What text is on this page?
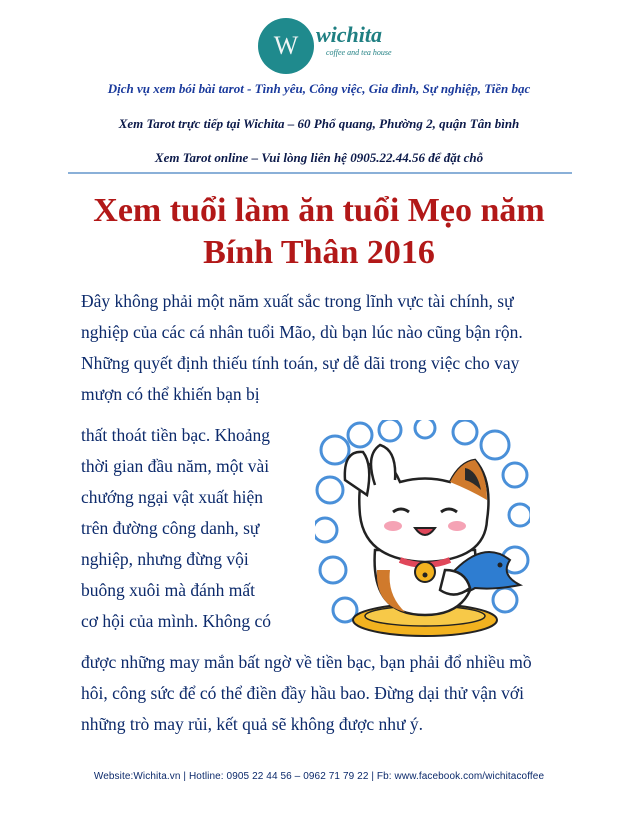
W wichita
coffee and tea house
Dịch vụ xem bói bài tarot - Tình yêu, Công việc, Gia đình, Sự nghiệp, Tiền bạc
Xem Tarot trực tiếp tại Wichita – 60 Phổ quang, Phường 2, quận Tân bình
Xem Tarot online – Vui lòng liên hệ 0905.22.44.56 để đặt chỗ
Xem tuổi làm ăn tuổi Mẹo năm
Bính Thân 2016
Đây không phải một năm xuất sắc trong lĩnh vực tài chính, sự
nghiệp của các cá nhân tuổi Mão, dù bạn lúc nào cũng bận rộn.
Những quyết định thiếu tính toán, sự dễ dãi trong việc cho vay
mượn có thể khiến bạn bị
thất thoát tiền bạc. Khoảng
thời gian đầu năm, một vài
chướng ngại vật xuất hiện
trên đường công danh, sự
nghiệp, nhưng đừng vội
buông xuôi mà đánh mất
cơ hội của mình. Không có
được những may mắn bất ngờ về tiền bạc, bạn phải đổ nhiều mồ
hôi, công sức để có thể điền đầy hầu bao. Đừng dại thử vận với
những trò may rủi, kết quả sẽ không được như ý.
Website:Wichita.vn | Hotline: 0905 22 44 56 – 0962 71 79 22 | Fb: www.facebook.com/wichitacoffee
